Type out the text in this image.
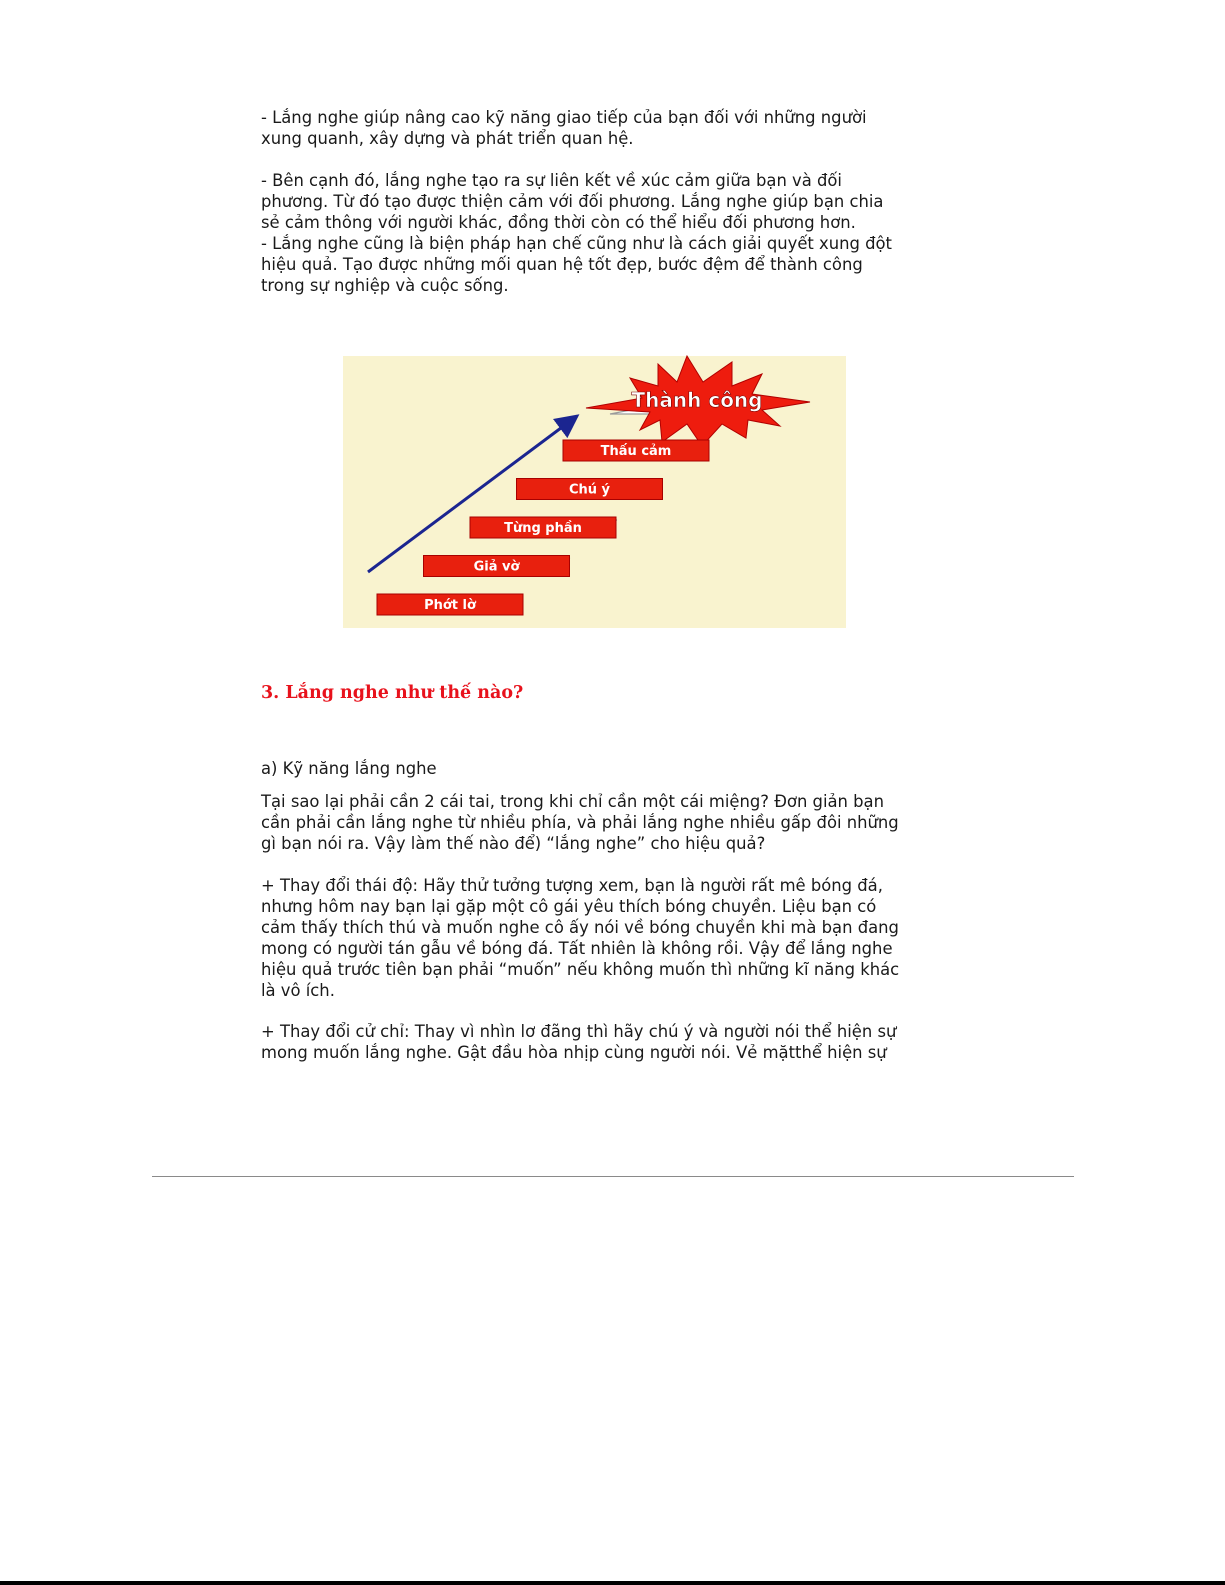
- Lắng nghe giúp nâng cao kỹ năng giao tiếp của bạn đối với những người
xung quanh, xây dựng và phát triển quan hệ.

- Bên cạnh đó, lắng nghe tạo ra sự liên kết về xúc cảm giữa bạn và đối
phương. Từ đó tạo được thiện cảm với đối phương. Lắng nghe giúp bạn chia
sẻ cảm thông với người khác, đồng thời còn có thể hiểu đối phương hơn.

- Lắng nghe cũng là biện pháp hạn chế cũng như là cách giải quyết xung đột
hiệu quả. Tạo được những mối quan hệ tốt đẹp, bước đệm để thành công
trong sự nghiệp và cuộc sống.

Thành công
Phớt lờ
Giả vờ
Từng phần
Chú ý
Thấu cảm
3. Lắng nghe như thế nào?

a) Kỹ năng lắng nghe

Tại sao lại phải cần 2 cái tai, trong khi chỉ cần một cái miệng? Đơn giản bạn
cần phải cần lắng nghe từ nhiều phía, và phải lắng nghe nhiều gấp đôi những
gì bạn nói ra. Vậy làm thế nào để) “lắng nghe” cho hiệu quả?

+ Thay đổi thái độ: Hãy thử tưởng tượng xem, bạn là người rất mê bóng đá,
nhưng hôm nay bạn lại gặp một cô gái yêu thích bóng chuyền. Liệu bạn có
cảm thấy thích thú và muốn nghe cô ấy nói về bóng chuyền khi mà bạn đang
mong có người tán gẫu về bóng đá. Tất nhiên là không rồi. Vậy để lắng nghe
hiệu quả trước tiên bạn phải “muốn” nếu không muốn thì những kĩ năng khác
là vô ích.

+ Thay đổi cử chỉ: Thay vì nhìn lơ đãng thì hãy chú ý và người nói thể hiện sự
mong muốn lắng nghe. Gật đầu hòa nhịp cùng người nói. Vẻ mặtthể hiện sự
